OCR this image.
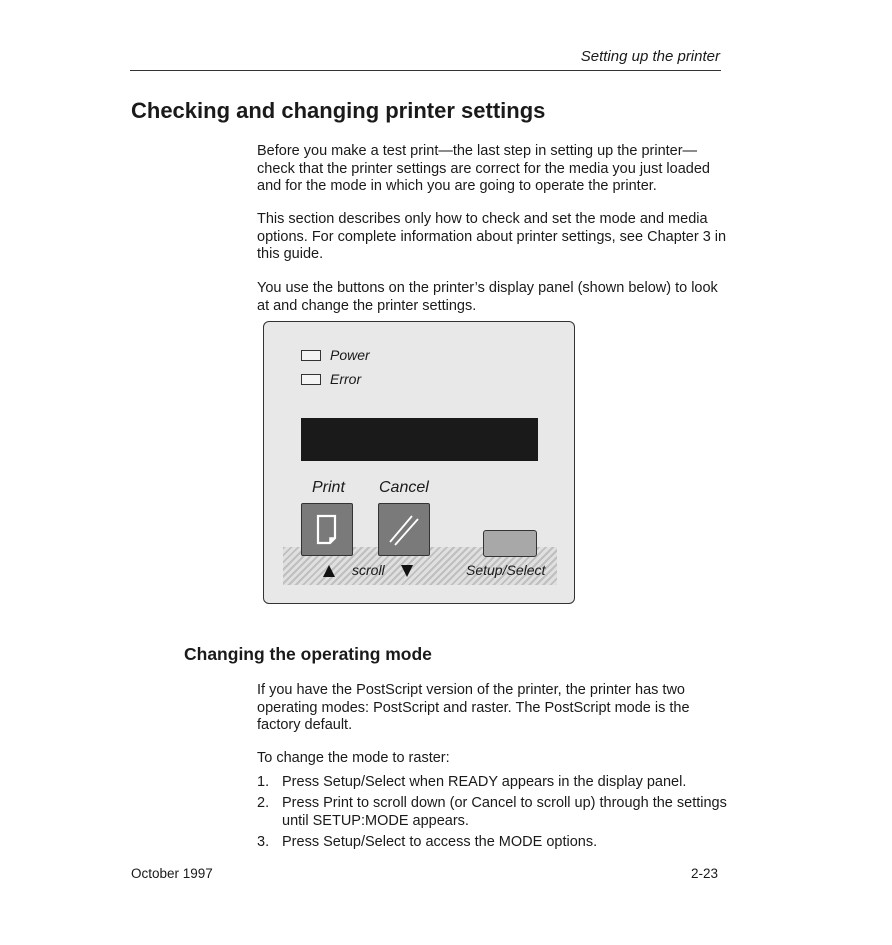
Setting up the printer
Checking and changing printer settings

Before you make a test print—the last step in setting up the printer—check that the printer settings are correct for the media you just loaded and for the mode in which you are going to operate the printer.

This section describes only how to check and set the mode and media options. For complete information about printer settings, see Chapter 3 in this guide.

You use the buttons on the printer’s display panel (shown below) to look at and change the printer settings.

Power
Error
Print Cancel
scroll	Setup/Select
Changing the operating mode

If you have the PostScript version of the printer, the printer has two operating modes: PostScript and raster. The PostScript mode is the factory default.

To change the mode to raster:

1. Press Setup/Select when READY appears in the display panel.
2. Press Print to scroll down (or Cancel to scroll up) through the settings until SETUP:MODE appears.
3. Press Setup/Select to access the MODE options.
October 1997	2-23
